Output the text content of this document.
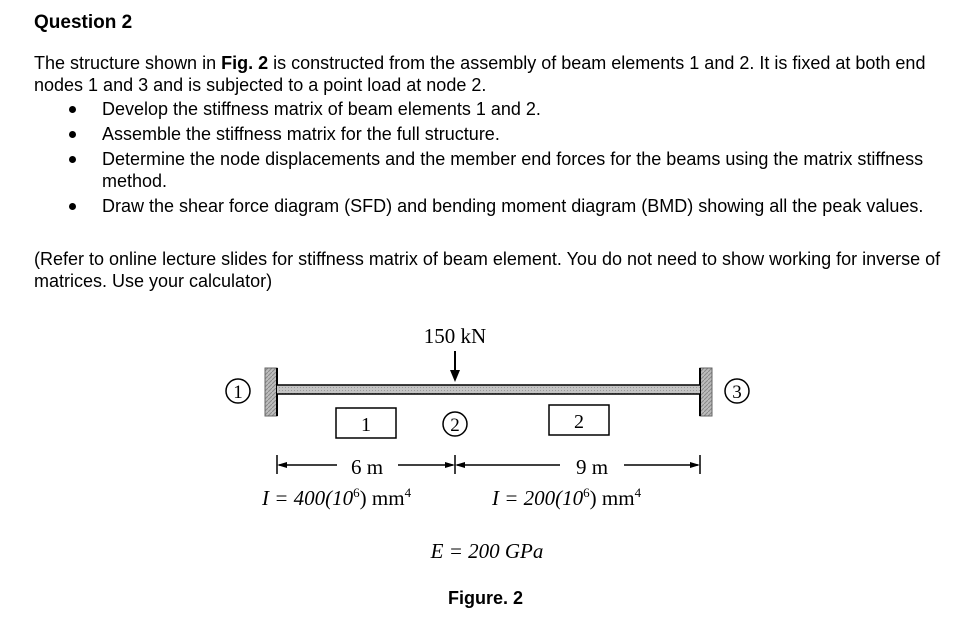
Question 2
The structure shown in Fig. 2 is constructed from the assembly of beam elements 1 and 2. It is fixed at both end nodes 1 and 3 and is subjected to a point load at node 2.

Develop the stiffness matrix of beam elements 1 and 2.

Assemble the stiffness matrix for the full structure.

Determine the node displacements and the member end forces for the beams using the matrix stiffness method.

Draw the shear force diagram (SFD) and bending moment diagram (BMD) showing all the peak values.

(Refer to online lecture slides for stiffness matrix of beam element. You do not need to show working for inverse of matrices. Use your calculator)
150 kN
1	3
2
1	2
6 m	9 m
$I = 400(10^6)$ $mm^4$	$I = 200(10^6)$ $mm^4$
E = 200 GPa
Figure. 2
